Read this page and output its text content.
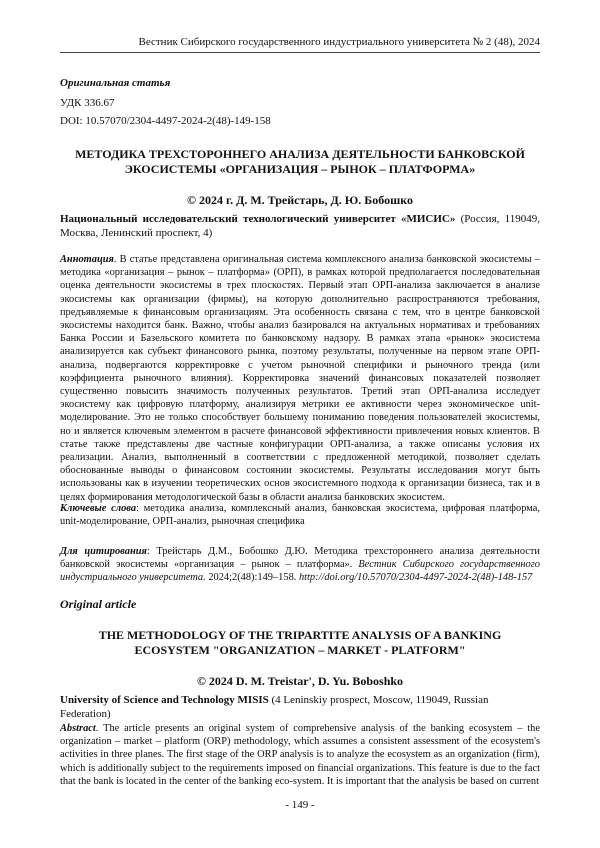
Вестник Сибирского государственного индустриального университета № 2 (48), 2024
Оригинальная статья
УДК 336.67
DOI: 10.57070/2304-4497-2024-2(48)-149-158
МЕТОДИКА ТРЕХСТОРОННЕГО АНАЛИЗА ДЕЯТЕЛЬНОСТИ БАНКОВСКОЙ
ЭКОСИСТЕМЫ «ОРГАНИЗАЦИЯ – РЫНОК – ПЛАТФОРМА»
© 2024 г. Д. М. Трейстарь, Д. Ю. Бобошко
Национальный исследовательский технологический университет «МИСИС» (Россия, 119049, Москва, Ленинский проспект, 4)
Аннотация. В статье представлена оригинальная система комплексного анализа банковской экосистемы – методика «организация – рынок – платформа» (ОРП), в рамках которой предполагается последовательная оценка деятельности экосистемы в трех плоскостях. Первый этап ОРП-анализа заключается в анализе экосистемы как организации (фирмы), на которую дополнительно распространяются требования, предъявляемые к финансовым организациям. Эта особенность связана с тем, что в центре банковской экосистемы находится банк. Важно, чтобы анализ базировался на актуальных нормативах и требованиях Банка России и Базельского комитета по банковскому надзору. В рамках этапа «рынок» экосистема анализируется как субъект финансового рынка, поэтому результаты, полученные на первом этапе ОРП-анализа, подвергаются корректировке с учетом рыночной специфики и рыночного тренда (или коэффициента рыночного влияния). Корректировка значений финансовых показателей позволяет существенно повысить значимость полученных результатов. Третий этап ОРП-анализа исследует экосистему как цифровую платформу, анализируя метрики ее активности через экономическое unit-моделирование. Это не только способствует большему пониманию поведения пользователей экосистемы, но и является ключевым элементом в расчете финансовой эффективности привлечения новых клиентов. В статье также представлены две частные конфигурации ОРП-анализа, а также описаны условия их реализации. Анализ, выполненный в соответствии с предложенной методикой, позволяет сделать обоснованные выводы о финансовом состоянии экосистемы. Результаты исследования могут быть использованы как в изучении теоретических основ экосистемного подхода к организации бизнеса, так и в целях формирования методологической базы в области анализа банковских экосистем.
Ключевые слова: методика анализа, комплексный анализ, банковская экосистема, цифровая платформа, unit-моделирование, ОРП-анализ, рыночная специфика
Для цитирования: Трейстарь Д.М., Бобошко Д.Ю. Методика трехстороннего анализа деятельности банковской экосистемы «организация – рынок – платформа». Вестник Сибирского государственного индустриального университета. 2024;2(48):149–158. http://doi.org/10.57070/2304-4497-2024-2(48)-148-157
Original article
THE METHODOLOGY OF THE TRIPARTITE ANALYSIS OF A BANKING
ECOSYSTEM "ORGANIZATION – MARKET - PLATFORM"
© 2024 D. M. Treistar', D. Yu. Boboshko
University of Science and Technology MISIS (4 Leninskiy prospect, Moscow, 119049, Russian Federation)
Abstract. The article presents an original system of comprehensive analysis of the banking ecosystem – the organization – market – platform (ORP) methodology, which assumes a consistent assessment of the ecosystem's activities in three planes. The first stage of the ORP analysis is to analyze the ecosystem as an organization (firm), which is additionally subject to the requirements imposed on financial organizations. This feature is due to the fact that the bank is located in the center of the banking eco-system. It is important that the analysis be based on current
- 149 -
